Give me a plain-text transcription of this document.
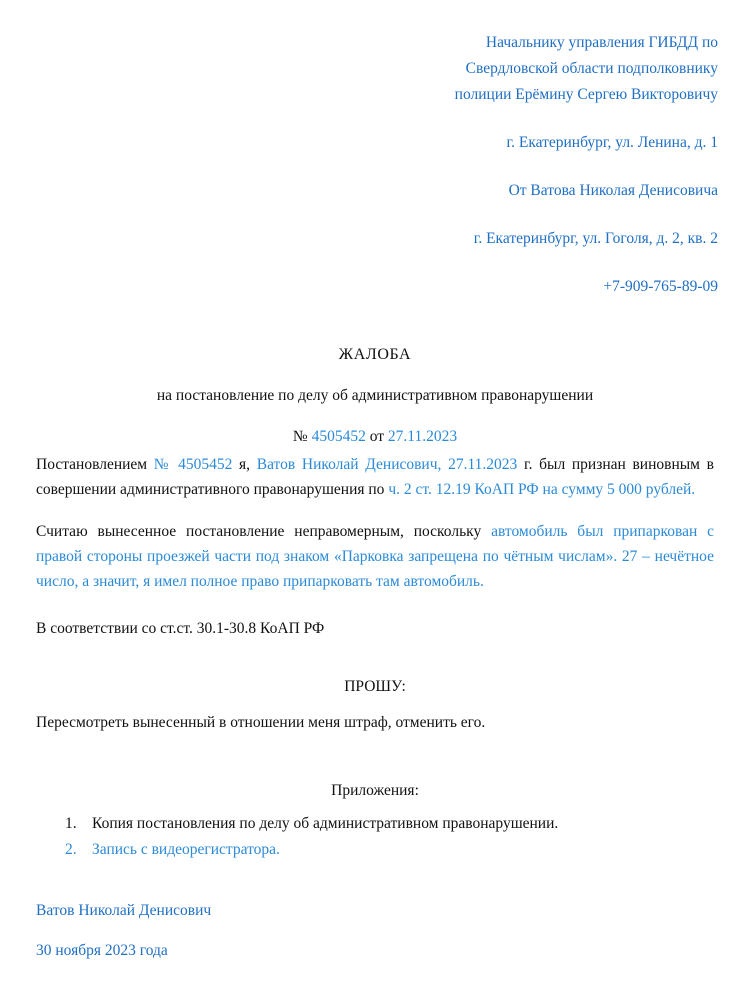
Начальнику управления ГИБДД по
Свердловской области подполковнику
полиции Ерёмину Сергею Викторовичу
г. Екатеринбург, ул. Ленина, д. 1
От Ватова Николая Денисовича
г. Екатеринбург, ул. Гоголя, д. 2, кв. 2
+7-909-765-89-09
ЖАЛОБА
на постановление по делу об административном правонарушении
№ 4505452 от 27.11.2023

Постановлением № 4505452 я, Ватов Николай Денисович, 27.11.2023 г. был признан виновным в совершении административного правонарушения по ч. 2 ст. 12.19 КоАП РФ на сумму 5 000 рублей.

Считаю вынесенное постановление неправомерным, поскольку автомобиль был припаркован с правой стороны проезжей части под знаком «Парковка запрещена по чётным числам». 27 – нечётное число, а значит, я имел полное право припарковать там автомобиль.

В соответствии со ст.ст. 30.1-30.8 КоАП РФ

ПРОШУ:

Пересмотреть вынесенный в отношении меня штраф, отменить его.

Приложения:

1. Копия постановления по делу об административном правонарушении.
2. Запись с видеорегистратора.
Ватов Николай Денисович
30 ноября 2023 года
